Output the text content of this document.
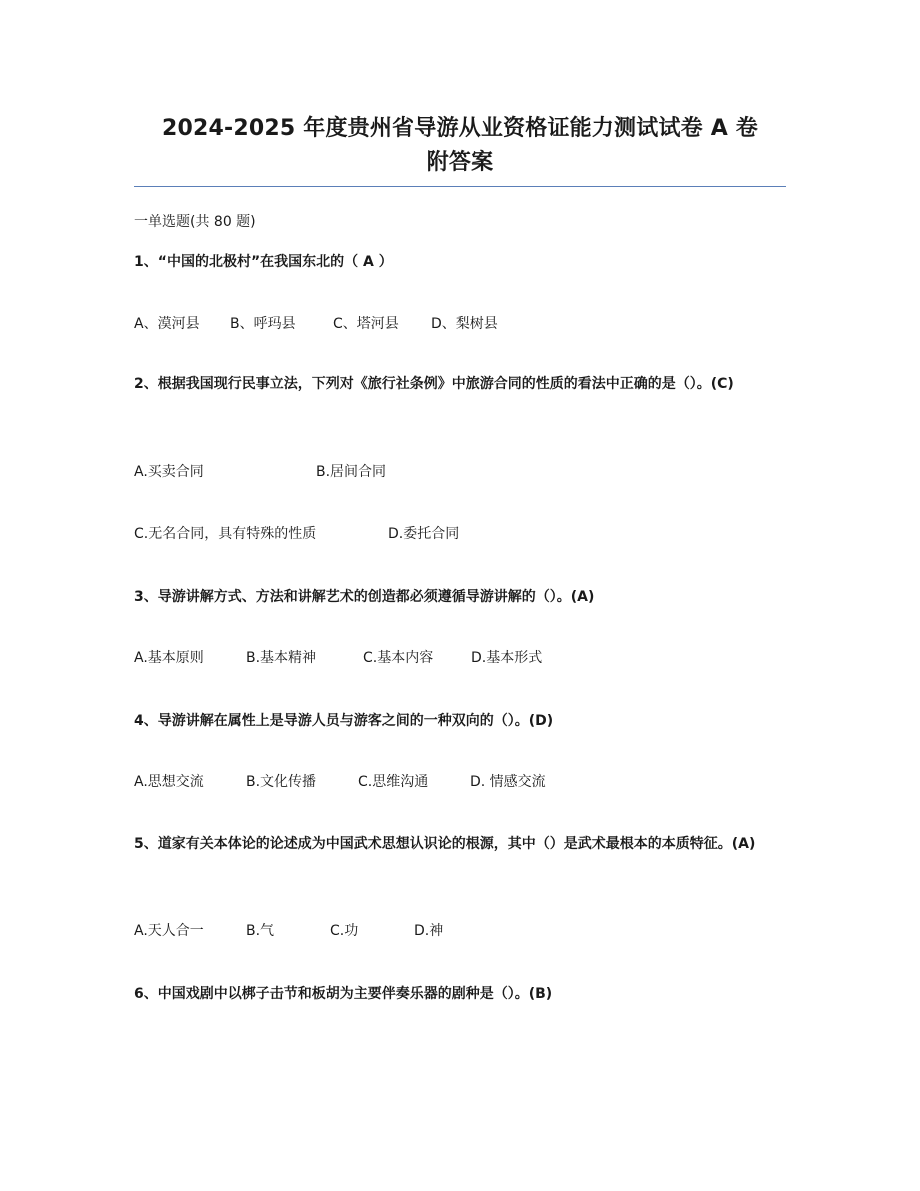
2024-2025 年度贵州省导游从业资格证能力测试试卷 A 卷
附答案
一单选题(共 80 题)
1、“中国的北极村”在我国东北的（ A ）
A、漠河县 B、呼玛县	C、塔河县 D、梨树县
2、根据我国现行民事立法，下列对《旅行社条例》中旅游合同的性质的看法中正确的是（）。(C)
A.买卖合同	B.居间合同
C.无名合同，具有特殊的性质	D.委托合同
3、导游讲解方式、方法和讲解艺术的创造都必须遵循导游讲解的（）。(A)
A.基本原则	B.基本精神	C.基本内容	D.基本形式
4、导游讲解在属性上是导游人员与游客之间的一种双向的（）。(D)
A.思想交流	B.文化传播	C.思维沟通	D. 情感交流
5、道家有关本体论的论述成为中国武术思想认识论的根源，其中（）是武术最根本的本质特征。(A)
A.天人合一	B.气	C.功	D.神
6、中国戏剧中以梆子击节和板胡为主要伴奏乐器的剧种是（）。(B)
